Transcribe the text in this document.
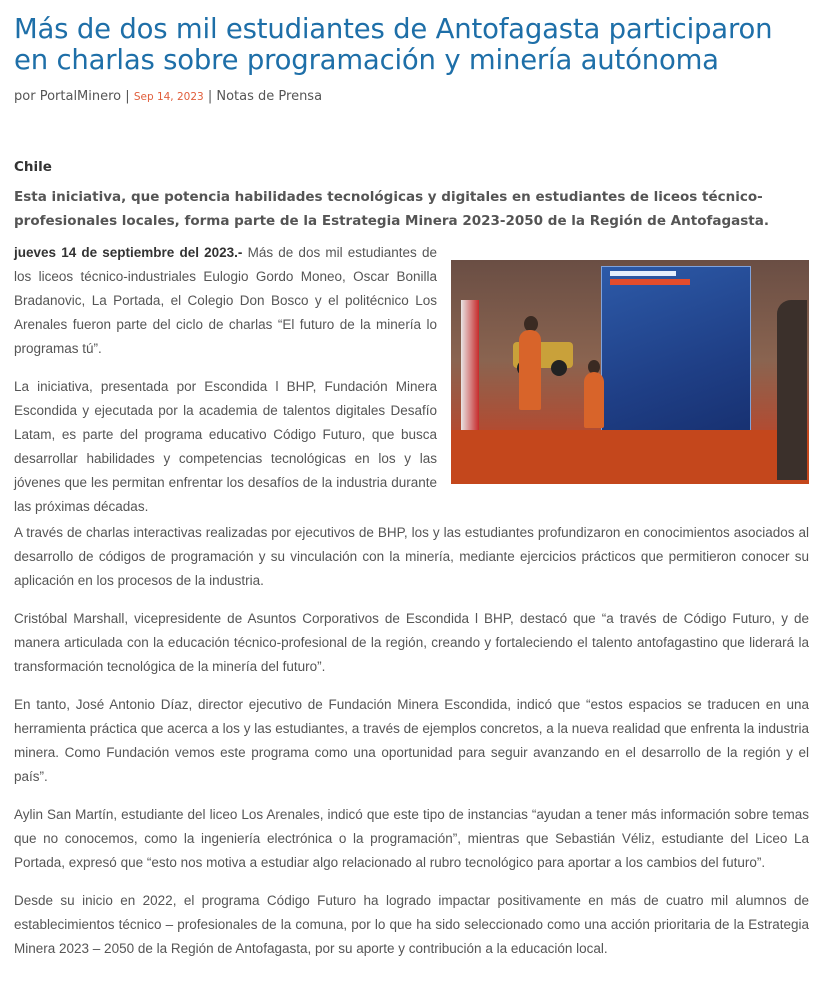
Más de dos mil estudiantes de Antofagasta participaron en charlas sobre programación y minería autónoma
por PortalMinero | Sep 14, 2023 | Notas de Prensa
Chile
Esta iniciativa, que potencia habilidades tecnológicas y digitales en estudiantes de liceos técnico-profesionales locales, forma parte de la Estrategia Minera 2023-2050 de la Región de Antofagasta.

jueves 14 de septiembre del 2023.- Más de dos mil estudiantes de los liceos técnico-industriales Eulogio Gordo Moneo, Oscar Bonilla Bradanovic, La Portada, el Colegio Don Bosco y el politécnico Los Arenales fueron parte del ciclo de charlas “El futuro de la minería lo programas tú”.

La iniciativa, presentada por Escondida l BHP, Fundación Minera Escondida y ejecutada por la academia de talentos digitales Desafío Latam, es parte del programa educativo Código Futuro, que busca desarrollar habilidades y competencias tecnológicas en los y las jóvenes que les permitan enfrentar los desafíos de la industria durante las próximas décadas.

A través de charlas interactivas realizadas por ejecutivos de BHP, los y las estudiantes profundizaron en conocimientos asociados al desarrollo de códigos de programación y su vinculación con la minería, mediante ejercicios prácticos que permitieron conocer su aplicación en los procesos de la industria.

Cristóbal Marshall, vicepresidente de Asuntos Corporativos de Escondida l BHP, destacó que “a través de Código Futuro, y de manera articulada con la educación técnico-profesional de la región, creando y fortaleciendo el talento antofagastino que liderará la transformación tecnológica de la minería del futuro”.

En tanto, José Antonio Díaz, director ejecutivo de Fundación Minera Escondida, indicó que “estos espacios se traducen en una herramienta práctica que acerca a los y las estudiantes, a través de ejemplos concretos, a la nueva realidad que enfrenta la industria minera. Como Fundación vemos este programa como una oportunidad para seguir avanzando en el desarrollo de la región y el país”.

Aylin San Martín, estudiante del liceo Los Arenales, indicó que este tipo de instancias “ayudan a tener más información sobre temas que no conocemos, como la ingeniería electrónica o la programación”, mientras que Sebastián Véliz, estudiante del Liceo La Portada, expresó que “esto nos motiva a estudiar algo relacionado al rubro tecnológico para aportar a los cambios del futuro”.

Desde su inicio en 2022, el programa Código Futuro ha logrado impactar positivamente en más de cuatro mil alumnos de establecimientos técnico – profesionales de la comuna, por lo que ha sido seleccionado como una acción prioritaria de la Estrategia Minera 2023 – 2050 de la Región de Antofagasta, por su aporte y contribución a la educación local.
